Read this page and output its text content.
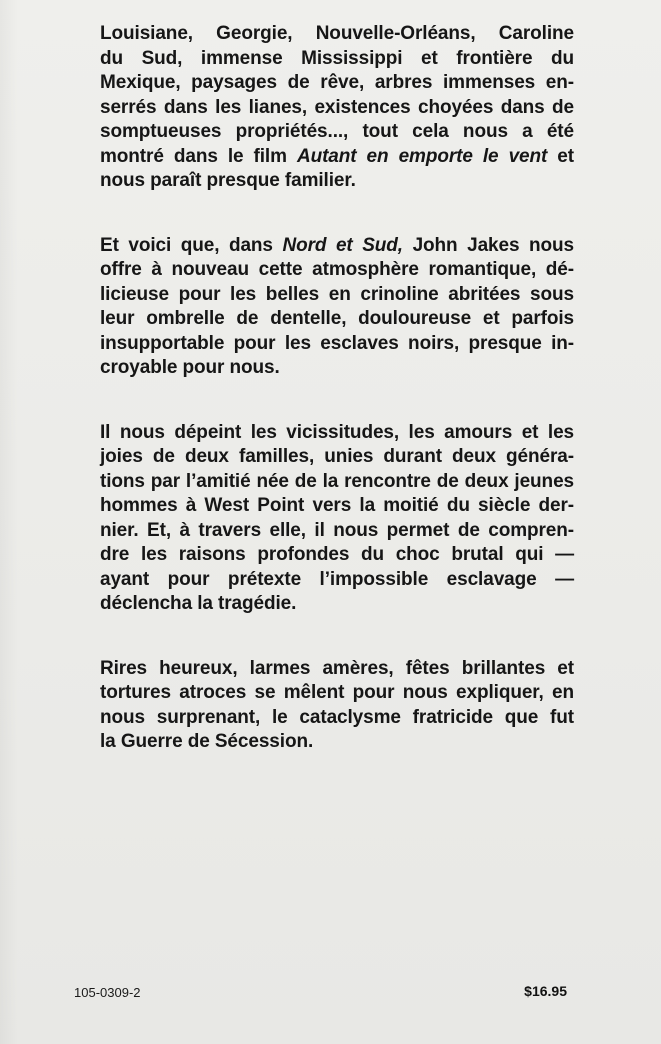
Louisiane, Georgie, Nouvelle-Orléans, Caroline
du Sud, immense Mississippi et frontière du
Mexique, paysages de rêve, arbres immenses en-
serrés dans les lianes, existences choyées dans de
somptueuses propriétés..., tout cela nous a été
montré dans le film Autant en emporte le vent et
nous paraît presque familier.

Et voici que, dans Nord et Sud, John Jakes nous
offre à nouveau cette atmosphère romantique, dé-
licieuse pour les belles en crinoline abritées sous
leur ombrelle de dentelle, douloureuse et parfois
insupportable pour les esclaves noirs, presque in-
croyable pour nous.

Il nous dépeint les vicissitudes, les amours et les
joies de deux familles, unies durant deux généra-
tions par l’amitié née de la rencontre de deux jeunes
hommes à West Point vers la moitié du siècle der-
nier. Et, à travers elle, il nous permet de compren-
dre les raisons profondes du choc brutal qui —
ayant pour prétexte l’impossible esclavage —
déclencha la tragédie.

Rires heureux, larmes amères, fêtes brillantes et
tortures atroces se mêlent pour nous expliquer, en
nous surprenant, le cataclysme fratricide que fut
la Guerre de Sécession.

105-0309-2	$16.95
